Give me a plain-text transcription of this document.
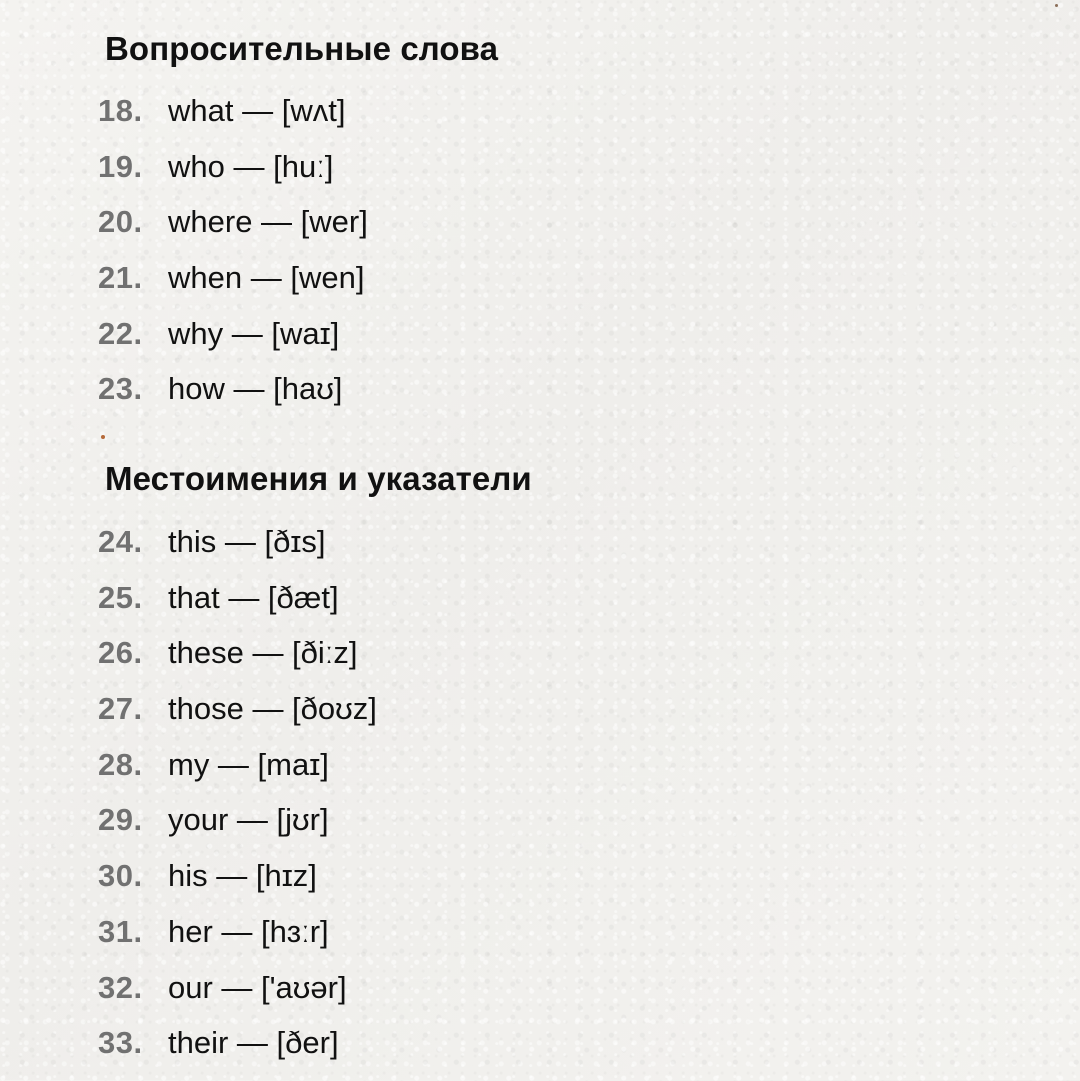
Вопросительные слова
18. what — [wʌt]
19. who — [huː]
20. where — [wer]
21. when — [wen]
22. why — [waɪ]
23. how — [haʊ]
Местоимения и указатели
24. this — [ðɪs]
25. that — [ðæt]
26. these — [ðiːz]
27. those — [ðoʊz]
28. my — [maɪ]
29. your — [jʊr]
30. his — [hɪz]
31. her — [hɜːr]
32. our — ['aʊər]
33. their — [ðer]
